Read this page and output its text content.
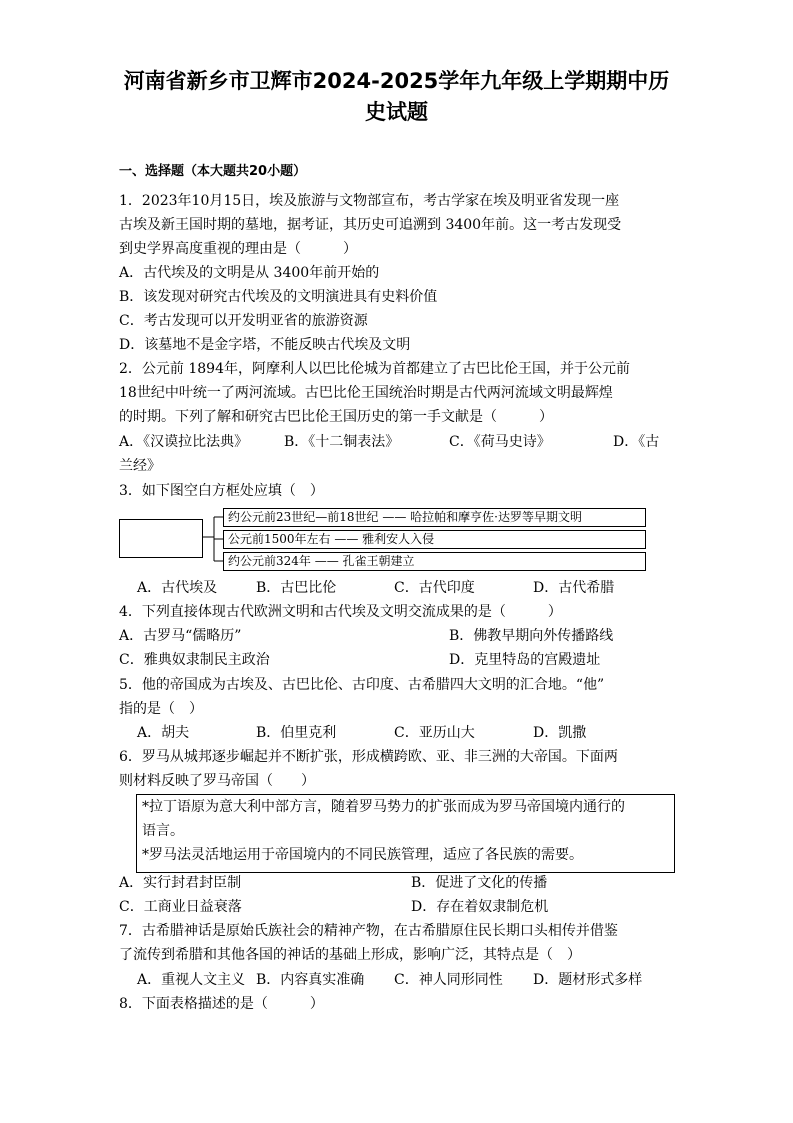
河南省新乡市卫辉市2024-2025学年九年级上学期期中历
史试题
一、选择题（本大题共20小题）
1．2023年10月15日，埃及旅游与文物部宣布，考古学家在埃及明亚省发现一座
古埃及新王国时期的墓地，据考证，其历史可追溯到 3400年前。这一考古发现受
到史学界高度重视的理由是（　　　）
A．古代埃及的文明是从 3400年前开始的
B．该发现对研究古代埃及的文明演进具有史料价值
C．考古发现可以开发明亚省的旅游资源
D．该墓地不是金字塔，不能反映古代埃及文明
2．公元前 1894年，阿摩利人以巴比伦城为首都建立了古巴比伦王国，并于公元前
18世纪中叶统一了两河流域。古巴比伦王国统治时期是古代两河流域文明最辉煌
的时期。下列了解和研究古巴比伦王国历史的第一手文献是（　　　）
A．《汉谟拉比法典》	B．《十二铜表法》	C．《荷马史诗》	D．《古
兰经》
3．如下图空白方框处应填（　）
约公元前23世纪—前18世纪 —— 哈拉帕和摩亨佐·达罗等早期文明
公元前1500年左右 —— 雅利安人入侵
约公元前324年 —— 孔雀王朝建立
A．古代埃及	B．古巴比伦	C．古代印度	D．古代希腊
4．下列直接体现古代欧洲文明和古代埃及文明交流成果的是（　　　）
A．古罗马“儒略历”	B．佛教早期向外传播路线
C．雅典奴隶制民主政治	D．克里特岛的宫殿遗址
5．他的帝国成为古埃及、古巴比伦、古印度、古希腊四大文明的汇合地。“他”
指的是（　）
A．胡夫	B．伯里克利	C．亚历山大	D．凯撒
6．罗马从城邦逐步崛起并不断扩张，形成横跨欧、亚、非三洲的大帝国。下面两
则材料反映了罗马帝国（　　）
*拉丁语原为意大利中部方言，随着罗马势力的扩张而成为罗马帝国境内通行的
语言。
*罗马法灵活地运用于帝国境内的不同民族管理，适应了各民族的需要。
A．实行封君封臣制	B．促进了文化的传播
C．工商业日益衰落	D．存在着奴隶制危机
7．古希腊神话是原始氏族社会的精神产物，在古希腊原住民长期口头相传并借鉴
了流传到希腊和其他各国的神话的基础上形成，影响广泛，其特点是（　）
A．重视人文主义 B．内容真实准确 C．神人同形同性 D．题材形式多样
8．下面表格描述的是（　　　）
